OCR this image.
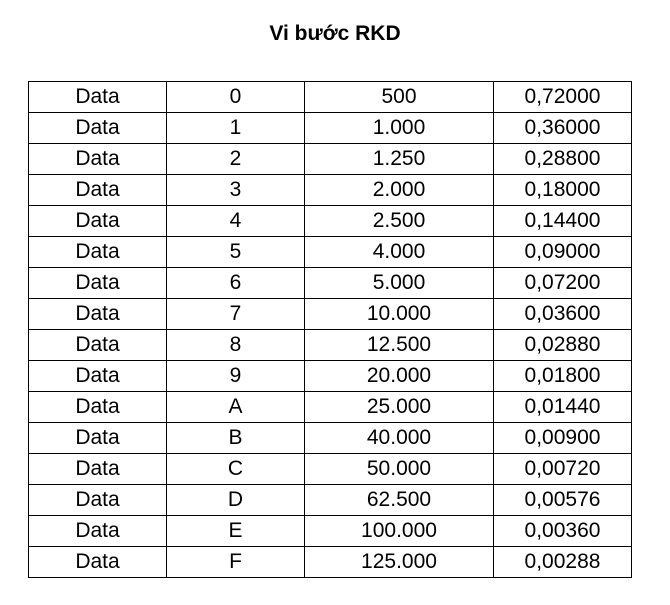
Vi bước RKD
Data	0	500	0,72000
Data	1	1.000	0,36000
Data	2	1.250	0,28800
Data	3	2.000	0,18000
Data	4	2.500	0,14400
Data	5	4.000	0,09000
Data	6	5.000	0,07200
Data	7	10.000	0,03600
Data	8	12.500	0,02880
Data	9	20.000	0,01800
Data	A	25.000	0,01440
Data	B	40.000	0,00900
Data	C	50.000	0,00720
Data	D	62.500	0,00576
Data	E	100.000	0,00360
Data	F	125.000	0,00288
